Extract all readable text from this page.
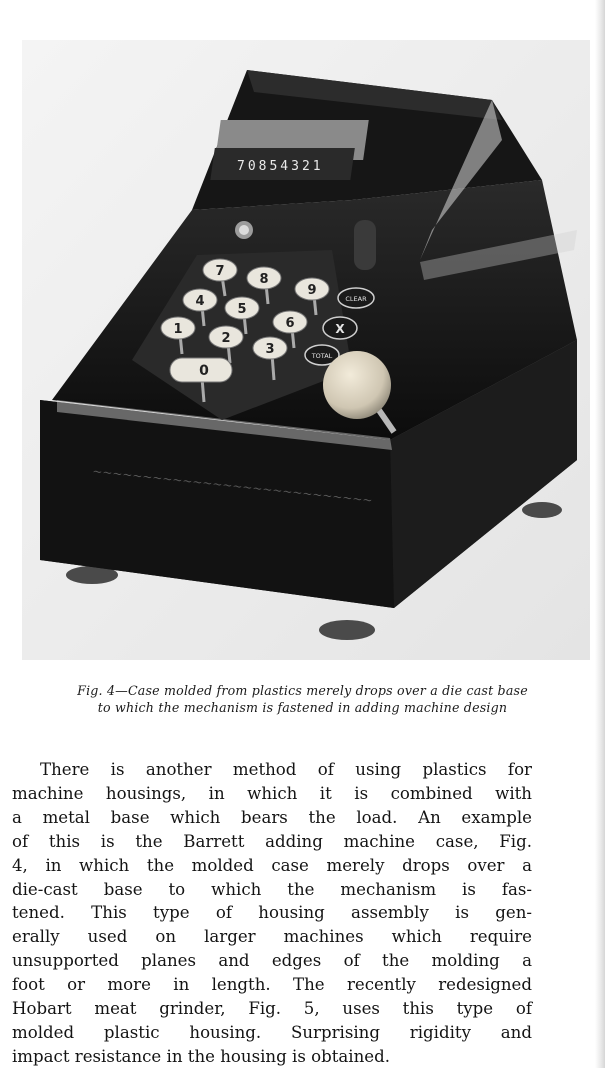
70854321
7
8
9
4
5
6
1
2
3
0
CLEAR
X
TOTAL
~~~~~~~~~~~~~~~~~~~~~~~~~~~~
Fig. 4—Case molded from plastics merely drops over a die cast base
to which the mechanism is fastened in adding machine design
There is another method of using plastics for
machine housings, in which it is combined with
a metal base which bears the load. An example
of this is the Barrett adding machine case, Fig.
4, in which the molded case merely drops over a
die-cast base to which the mechanism is fas-
tened. This type of housing assembly is gen-
erally used on larger machines which require
unsupported planes and edges of the molding a
foot or more in length. The recently redesigned
Hobart meat grinder, Fig. 5, uses this type of
molded plastic housing. Surprising rigidity and
impact resistance in the housing is obtained.
